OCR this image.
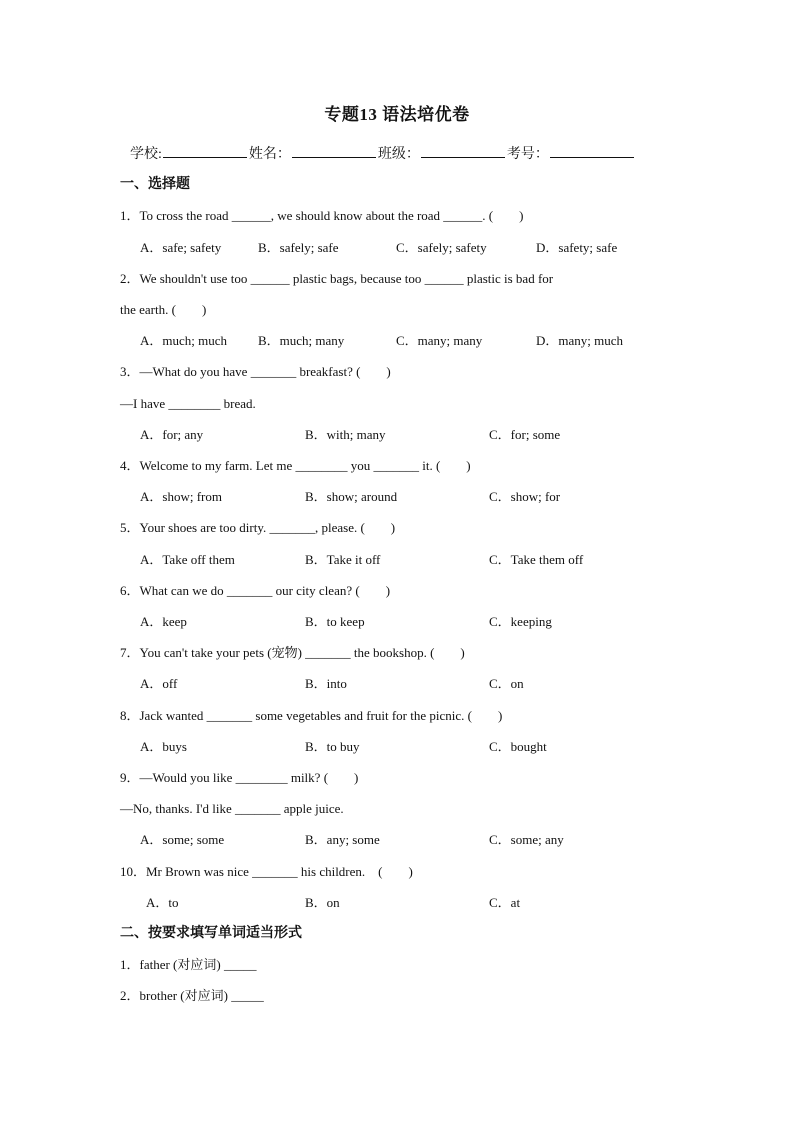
专题13 语法培优卷
学校:	姓名：	班级：	考号：
一、选择题
1．To cross the road ______, we should know about the road ______. (　　)
A．safe; safety	B．safely; safe	C．safely; safety	D．safety; safe
2．We shouldn't use too ______ plastic bags, because too ______ plastic is bad for
the earth. (　　)
A．much; much B．much; many	C．many; many	D．many; much
3．—What do you have _______ breakfast? (　　)
—I have ________ bread.
A．for; any	B．with; many	C．for; some
4．Welcome to my farm. Let me ________ you _______ it. (　　)
A．show; from	B．show; around	C．show; for
5．Your shoes are too dirty. _______, please. (　　)
A．Take off them	B．Take it off	C．Take them off
6．What can we do _______ our city clean? (　　)
A．keep	B．to keep	C．keeping
7．You can't take your pets (宠物) _______ the bookshop. (　　)
A．off	B．into	C．on
8．Jack wanted _______ some vegetables and fruit for the picnic. (　　)
A．buys	B．to buy	C．bought
9．—Would you like ________ milk? (　　)
—No, thanks. I'd like _______ apple juice.
A．some; some	B．any; some	C．some; any
10．Mr Brown was nice _______ his children.　(　　)
A．to	B．on	C．at
二、按要求填写单词适当形式
1．father (对应词) _____
2．brother (对应词) _____
